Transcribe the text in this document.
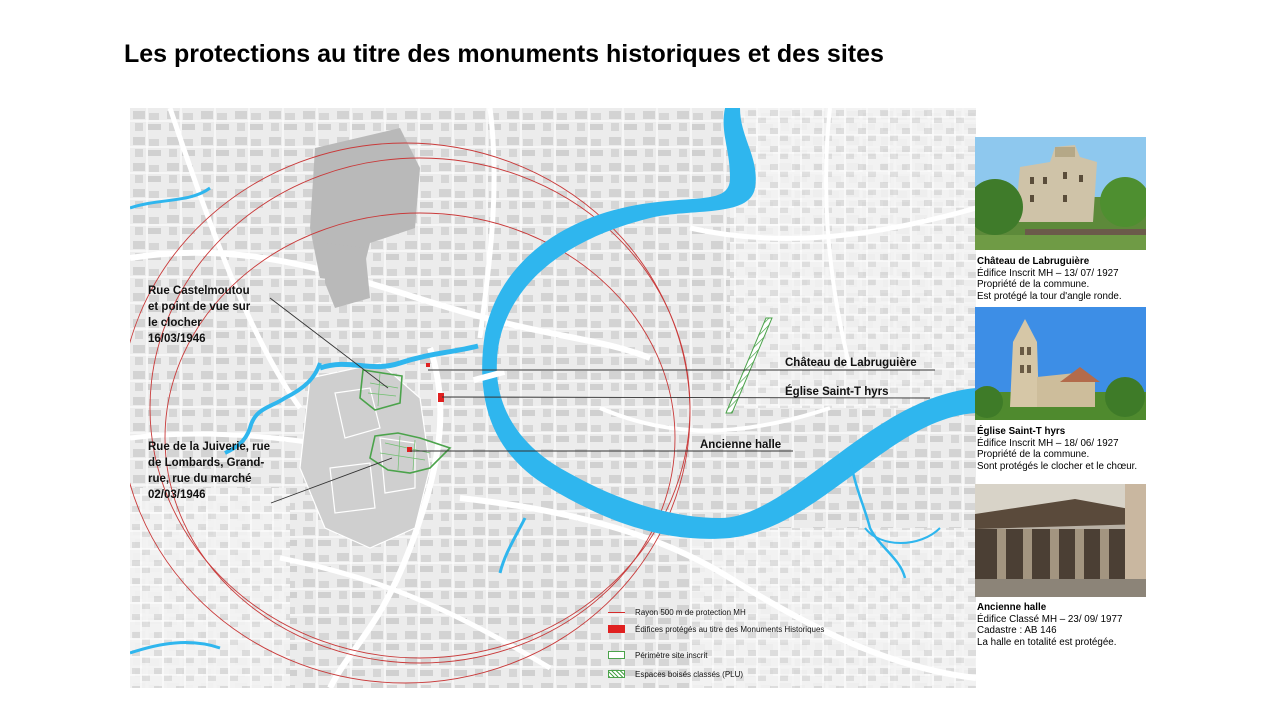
Les protections au titre des monuments historiques et des sites
Rue Castelmoutou
et point de vue sur
le clocher
16/03/1946
Rue de la Juiverie, rue
de Lombards, Grand-
rue, rue du marché
02/03/1946
Château de Labruguière
Église Saint-T hyrs
Ancienne halle
Rayon 500 m de protection MH
Édifices protégés au titre des Monuments Historiques
Périmètre site inscrit
Espaces boisés classés (PLU)
Château de Labruguière
Édifice Inscrit MH – 13/ 07/ 1927
Propriété de la commune.
Est protégé la tour d'angle ronde.
Église Saint-T hyrs
Édifice Inscrit MH – 18/ 06/ 1927
Propriété de la commune.
Sont protégés le clocher et le chœur.
Ancienne halle
Édifice Classé MH – 23/ 09/ 1977
Cadastre : AB 146
La halle en totalité est protégée.
